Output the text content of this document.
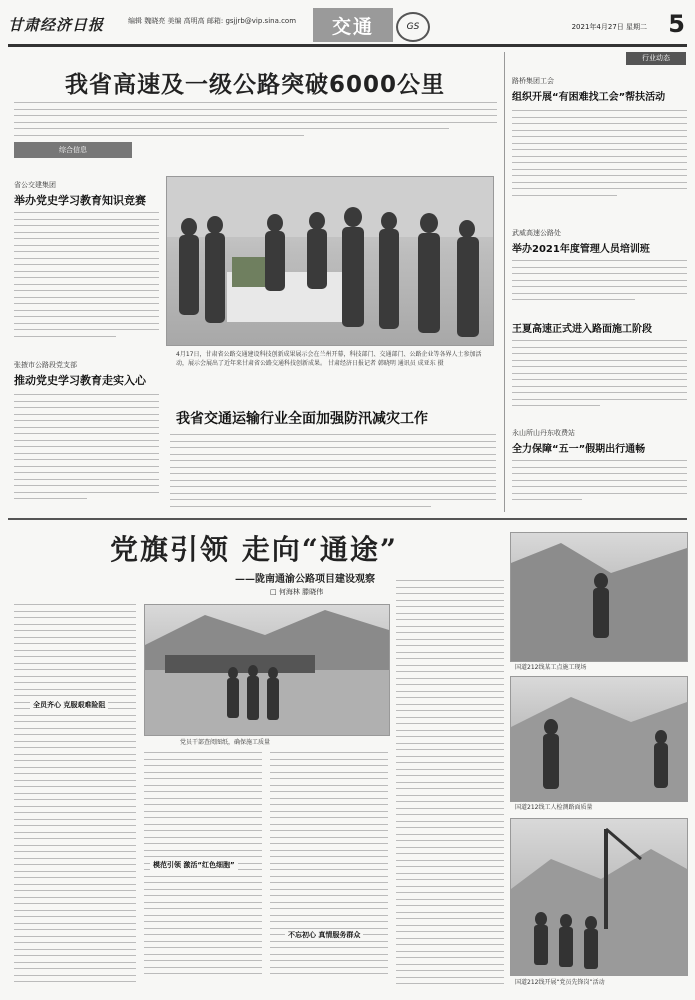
甘肃经济日报	编辑 魏晓亮 美编 高明高 邮箱: gsjjrb@vip.sina.com	交通	GS	2021年4月27日 星期二 5
我省高速及一级公路突破6000公里
综合信息
省公交建集团
举办党史学习教育知识竞赛
张掖市公路段党支部
推动党史学习教育走实入心
4月17日，甘肃省公路交通建设科技创新成果展示会在兰州开幕，科技部门、交通部门、公路企业等各界人士参加活动，展示会展出了近年来甘肃省公路交通科技创新成果。 甘肃经济日报记者 韩晓明 通讯员 成亚东 摄
我省交通运输行业全面加强防汛减灾工作
行业动态
路桥集团工会
组织开展“有困难找工会”帮扶活动
武威高速公路处
举办2021年度管理人员培训班
王夏高速正式进入路面施工阶段
永山所山丹东收费站
全力保障“五一”假期出行通畅
党旗引领 走向“通途”
——陇南通渝公路项目建设观察
□ 何海林 滕晓伟
全员齐心 克服艰难险阻
党员干部查阅图纸，确保施工质量
模范引领 激活“红色细胞”
不忘初心 真情服务群众
国道212线某工点施工现场
国道212线工人检测路面质量
国道212线开展“党员先锋岗”活动
